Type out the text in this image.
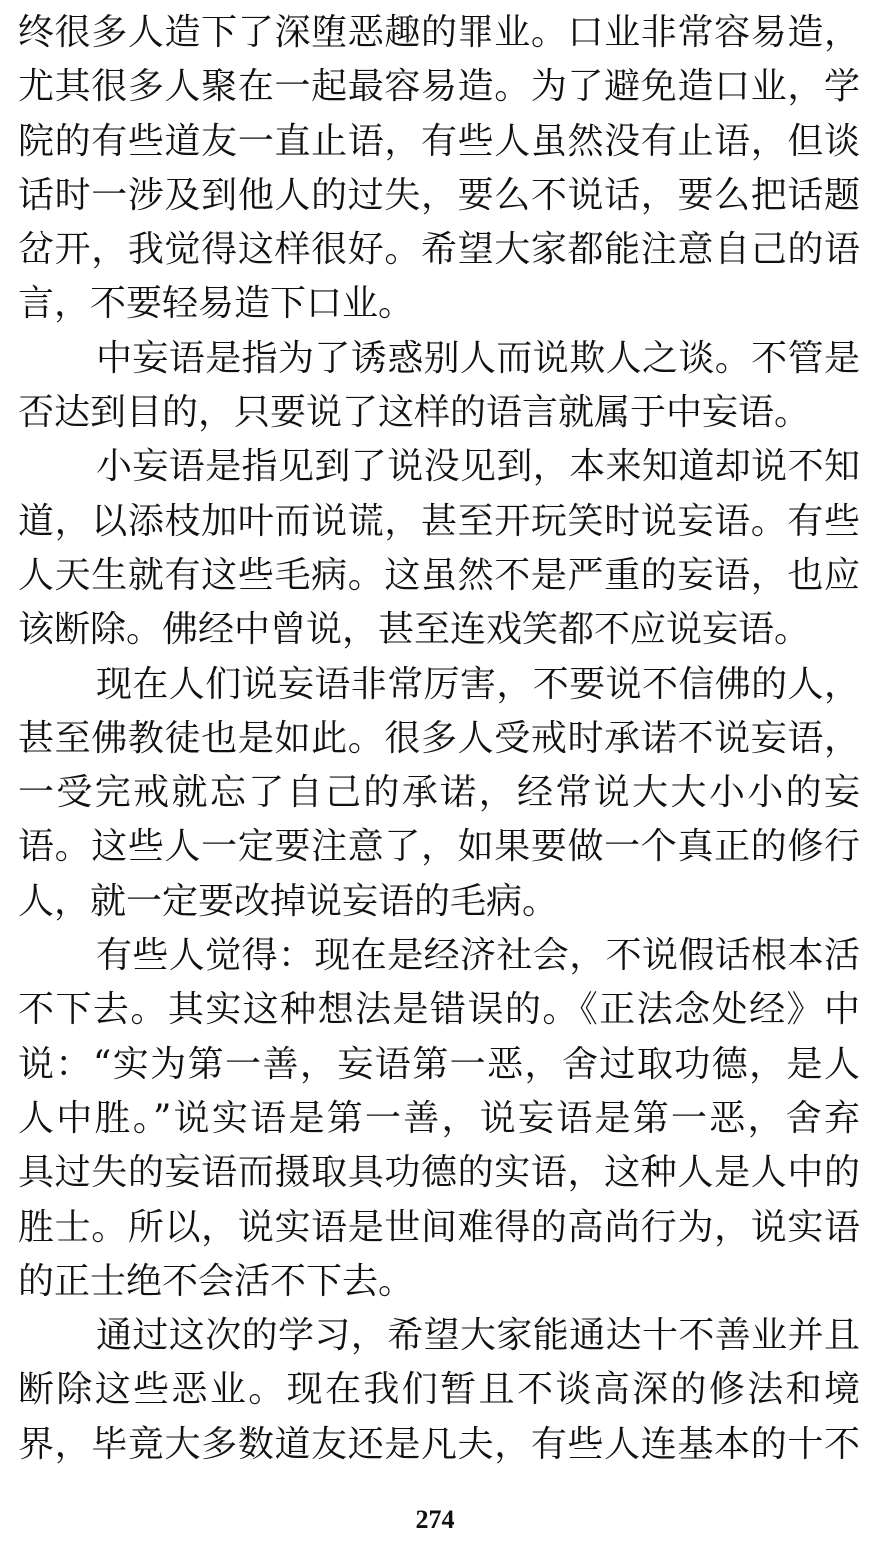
终很多人造下了深堕恶趣的罪业。口业非常容易造，
尤其很多人聚在一起最容易造。为了避免造口业，学
院的有些道友一直止语，有些人虽然没有止语，但谈
话时一涉及到他人的过失，要么不说话，要么把话题
岔开，我觉得这样很好。希望大家都能注意自己的语
言，不要轻易造下口业。
中妄语是指为了诱惑别人而说欺人之谈。不管是
否达到目的，只要说了这样的语言就属于中妄语。
小妄语是指见到了说没见到，本来知道却说不知
道，以添枝加叶而说谎，甚至开玩笑时说妄语。有些
人天生就有这些毛病。这虽然不是严重的妄语，也应
该断除。佛经中曾说，甚至连戏笑都不应说妄语。
现在人们说妄语非常厉害，不要说不信佛的人，
甚至佛教徒也是如此。很多人受戒时承诺不说妄语，
一受完戒就忘了自己的承诺，经常说大大小小的妄
语。这些人一定要注意了，如果要做一个真正的修行
人，就一定要改掉说妄语的毛病。
有些人觉得：现在是经济社会，不说假话根本活
不下去。其实这种想法是错误的。《正法念处经》中
说：“实为第一善，妄语第一恶，舍过取功德，是人
人中胜。”说实语是第一善，说妄语是第一恶，舍弃
具过失的妄语而摄取具功德的实语，这种人是人中的
胜士。所以，说实语是世间难得的高尚行为，说实语
的正士绝不会活不下去。
通过这次的学习，希望大家能通达十不善业并且
断除这些恶业。现在我们暂且不谈高深的修法和境
界，毕竟大多数道友还是凡夫，有些人连基本的十不
274
